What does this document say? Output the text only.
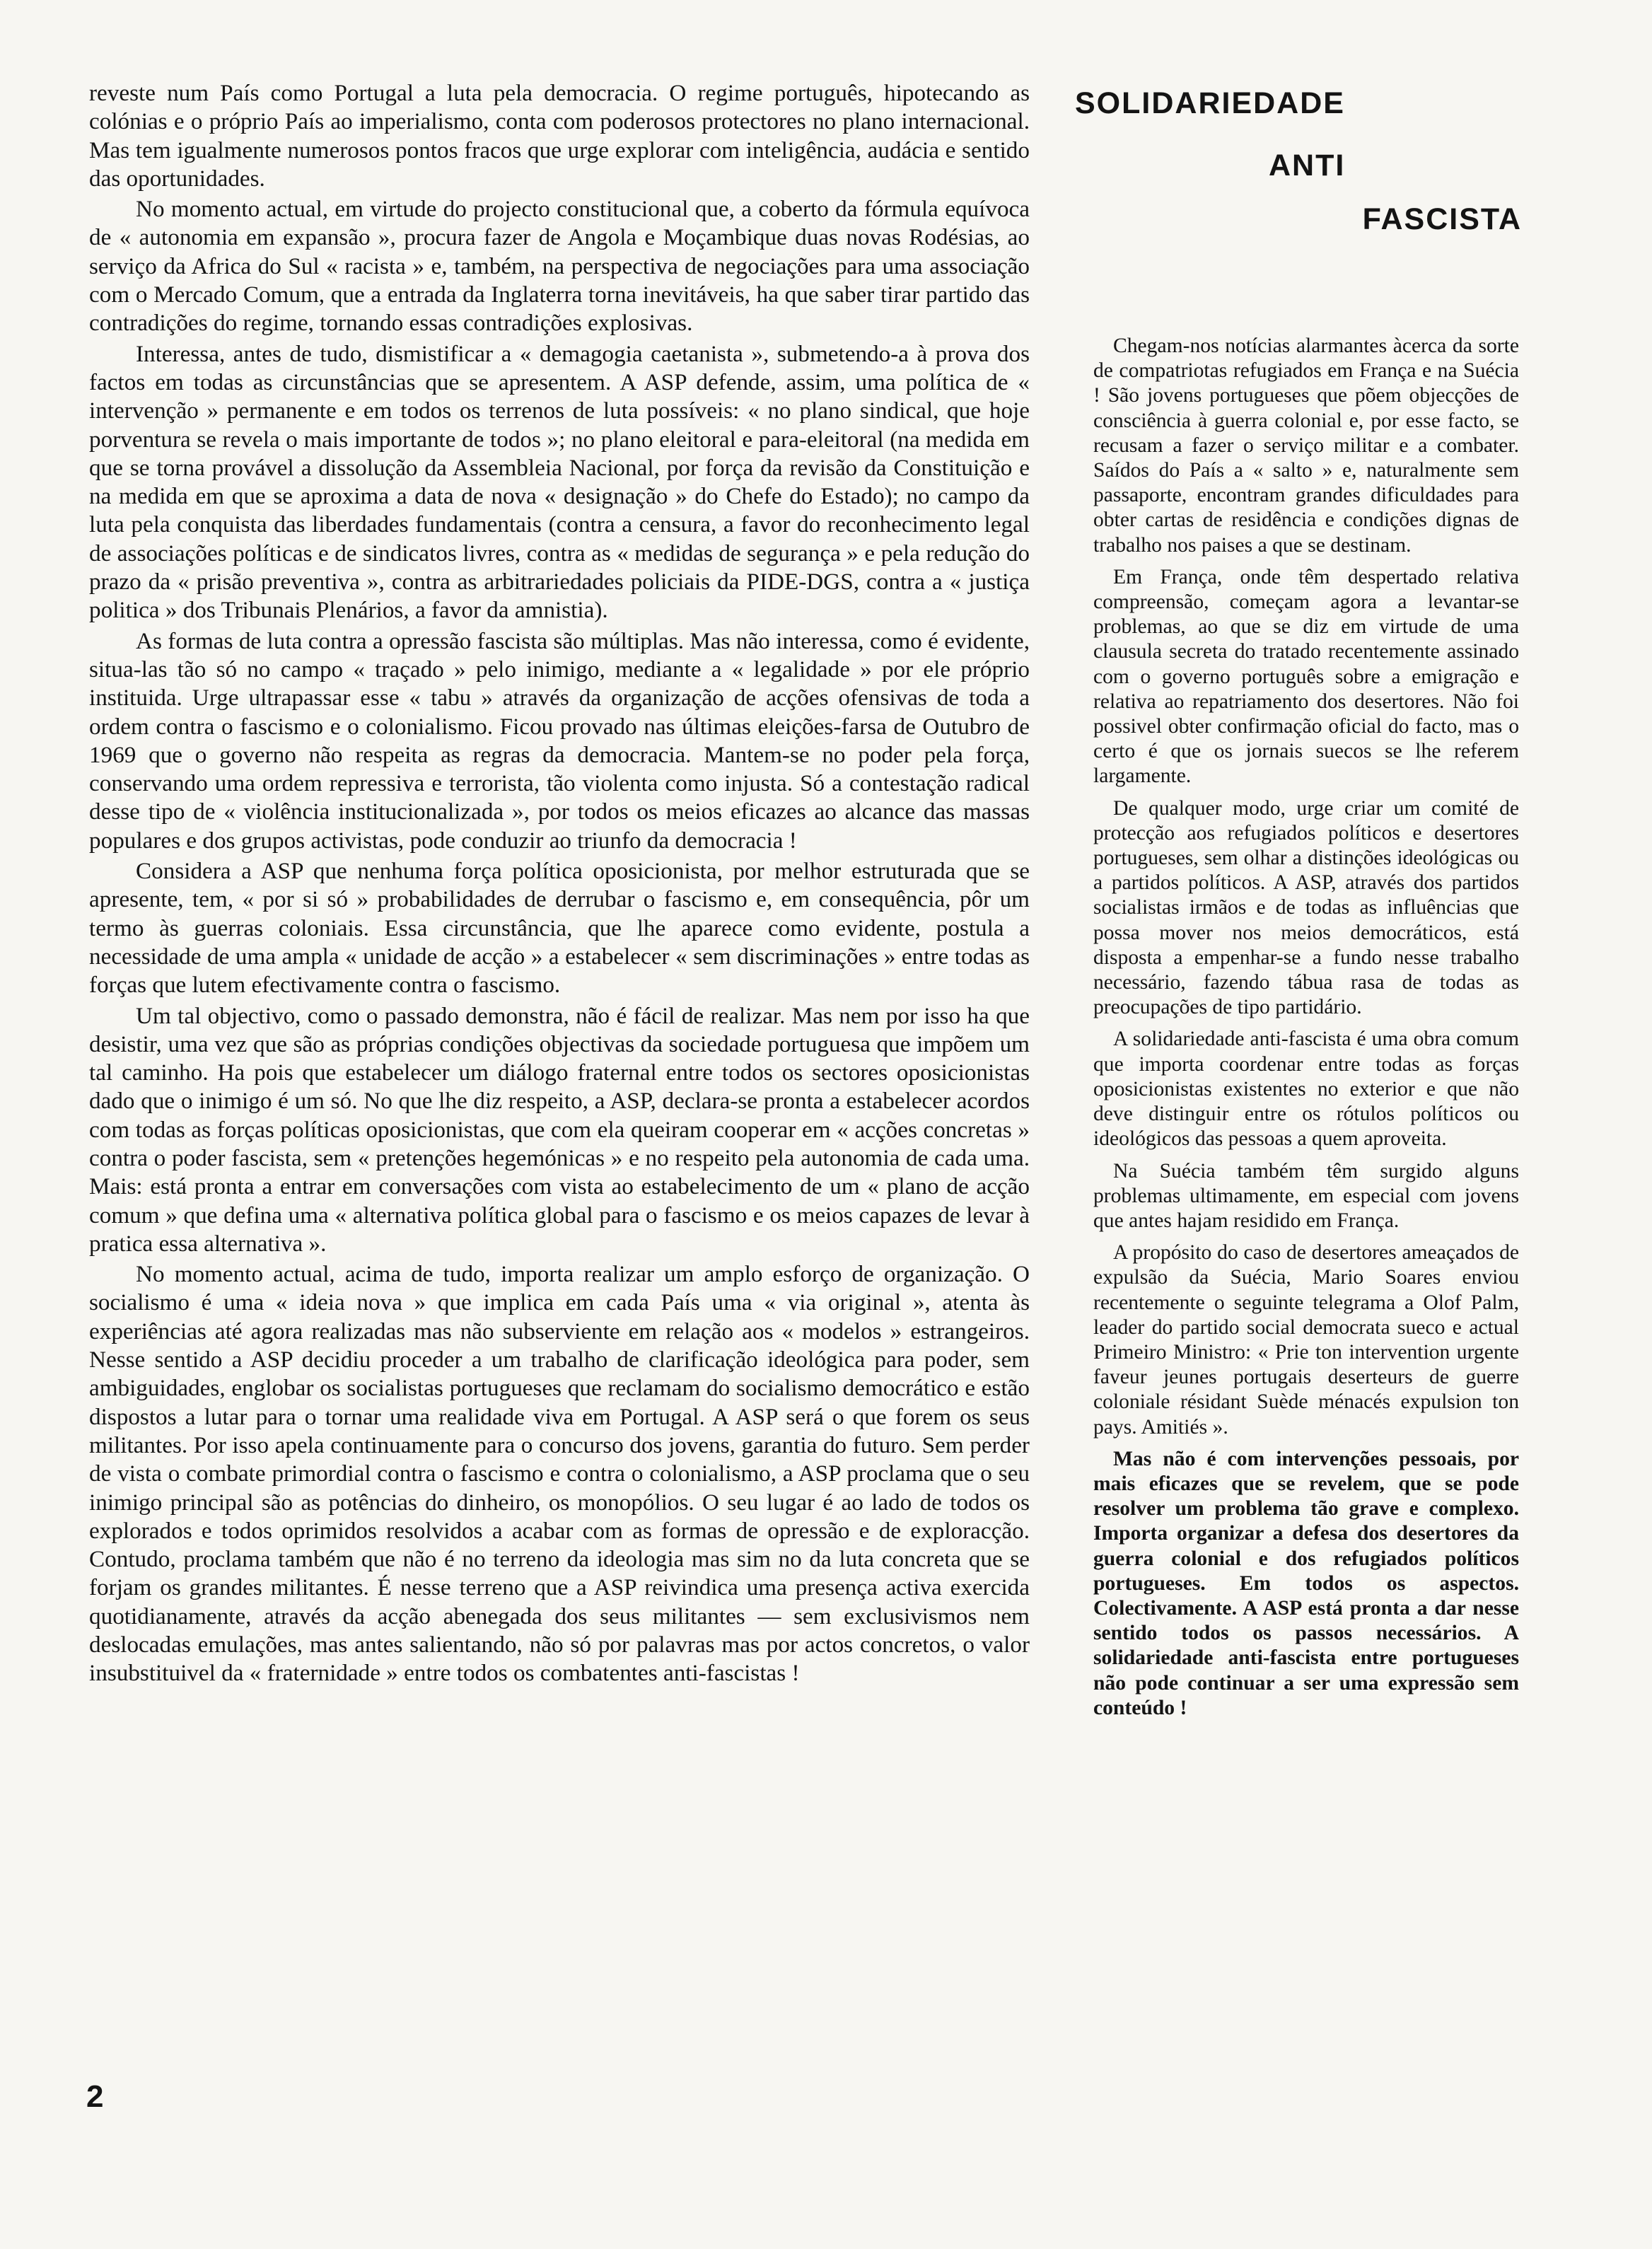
reveste num País como Portugal a luta pela democracia. O regime português, hipotecando as colónias e o próprio País ao imperialismo, conta com poderosos protectores no plano internacional. Mas tem igualmente numerosos pontos fracos que urge explorar com inteligência, audácia e sentido das oportunidades.

No momento actual, em virtude do projecto constitucional que, a coberto da fórmula equívoca de « autonomia em expansão », procura fazer de Angola e Moçambique duas novas Rodésias, ao serviço da Africa do Sul « racista » e, também, na perspectiva de negociações para uma associação com o Mercado Comum, que a entrada da Inglaterra torna inevitáveis, ha que saber tirar partido das contradições do regime, tornando essas contradições explosivas.

Interessa, antes de tudo, dismistificar a « demagogia caetanista », submetendo-a à prova dos factos em todas as circunstâncias que se apresentem. A ASP defende, assim, uma política de « intervenção » permanente e em todos os terrenos de luta possíveis: « no plano sindical, que hoje porventura se revela o mais importante de todos »; no plano eleitoral e para-eleitoral (na medida em que se torna provável a dissolução da Assembleia Nacional, por força da revisão da Constituição e na medida em que se aproxima a data de nova « designação » do Chefe do Estado); no campo da luta pela conquista das liberdades fundamentais (contra a censura, a favor do reconhecimento legal de associações políticas e de sindicatos livres, contra as « medidas de segurança » e pela redução do prazo da « prisão preventiva », contra as arbitrariedades policiais da PIDE-DGS, contra a « justiça politica » dos Tribunais Plenários, a favor da amnistia).

As formas de luta contra a opressão fascista são múltiplas. Mas não interessa, como é evidente, situa-las tão só no campo « traçado » pelo inimigo, mediante a « legalidade » por ele próprio instituida. Urge ultrapassar esse « tabu » através da organização de acções ofensivas de toda a ordem contra o fascismo e o colonialismo. Ficou provado nas últimas eleições-farsa de Outubro de 1969 que o governo não respeita as regras da democracia. Mantem-se no poder pela força, conservando uma ordem repressiva e terrorista, tão violenta como injusta. Só a contestação radical desse tipo de « violência institucionalizada », por todos os meios eficazes ao alcance das massas populares e dos grupos activistas, pode conduzir ao triunfo da democracia !

Considera a ASP que nenhuma força política oposicionista, por melhor estruturada que se apresente, tem, « por si só » probabilidades de derrubar o fascismo e, em consequência, pôr um termo às guerras coloniais. Essa circunstância, que lhe aparece como evidente, postula a necessidade de uma ampla « unidade de acção » a estabelecer « sem discriminações » entre todas as forças que lutem efectivamente contra o fascismo.

Um tal objectivo, como o passado demonstra, não é fácil de realizar. Mas nem por isso ha que desistir, uma vez que são as próprias condições objectivas da sociedade portuguesa que impõem um tal caminho. Ha pois que estabelecer um diálogo fraternal entre todos os sectores oposicionistas dado que o inimigo é um só. No que lhe diz respeito, a ASP, declara-se pronta a estabelecer acordos com todas as forças políticas oposicionistas, que com ela queiram cooperar em « acções concretas » contra o poder fascista, sem « pretenções hegemónicas » e no respeito pela autonomia de cada uma. Mais: está pronta a entrar em conversações com vista ao estabelecimento de um « plano de acção comum » que defina uma « alternativa política global para o fascismo e os meios capazes de levar à pratica essa alternativa ».

No momento actual, acima de tudo, importa realizar um amplo esforço de organização. O socialismo é uma « ideia nova » que implica em cada País uma « via original », atenta às experiências até agora realizadas mas não subserviente em relação aos « modelos » estrangeiros. Nesse sentido a ASP decidiu proceder a um trabalho de clarificação ideológica para poder, sem ambiguidades, englobar os socialistas portugueses que reclamam do socialismo democrático e estão dispostos a lutar para o tornar uma realidade viva em Portugal. A ASP será o que forem os seus militantes. Por isso apela continuamente para o concurso dos jovens, garantia do futuro. Sem perder de vista o combate primordial contra o fascismo e contra o colonialismo, a ASP proclama que o seu inimigo principal são as potências do dinheiro, os monopólios. O seu lugar é ao lado de todos os explorados e todos oprimidos resolvidos a acabar com as formas de opressão e de exploracção. Contudo, proclama também que não é no terreno da ideologia mas sim no da luta concreta que se forjam os grandes militantes. É nesse terreno que a ASP reivindica uma presença activa exercida quotidianamente, através da acção abenegada dos seus militantes — sem exclusivismos nem deslocadas emulações, mas antes salientando, não só por palavras mas por actos concretos, o valor insubstituivel da « fraternidade » entre todos os combatentes anti-fascistas !

SOLIDARIEDADE
ANTI
FASCISTA

Chegam-nos notícias alarmantes àcerca da sorte de compatriotas refugiados em França e na Suécia ! São jovens portugueses que põem objecções de consciência à guerra colonial e, por esse facto, se recusam a fazer o serviço militar e a combater. Saídos do País a « salto » e, naturalmente sem passaporte, encontram grandes dificuldades para obter cartas de residência e condições dignas de trabalho nos paises a que se destinam.

Em França, onde têm despertado relativa compreensão, começam agora a levantar-se problemas, ao que se diz em virtude de uma clausula secreta do tratado recentemente assinado com o governo português sobre a emigração e relativa ao repatriamento dos desertores. Não foi possivel obter confirmação oficial do facto, mas o certo é que os jornais suecos se lhe referem largamente.

De qualquer modo, urge criar um comité de protecção aos refugiados políticos e desertores portugueses, sem olhar a distinções ideológicas ou a partidos políticos. A ASP, através dos partidos socialistas irmãos e de todas as influências que possa mover nos meios democráticos, está disposta a empenhar-se a fundo nesse trabalho necessário, fazendo tábua rasa de todas as preocupações de tipo partidário.

A solidariedade anti-fascista é uma obra comum que importa coordenar entre todas as forças oposicionistas existentes no exterior e que não deve distinguir entre os rótulos políticos ou ideológicos das pessoas a quem aproveita.

Na Suécia também têm surgido alguns problemas ultimamente, em especial com jovens que antes hajam residido em França.

A propósito do caso de desertores ameaçados de expulsão da Suécia, Mario Soares enviou recentemente o seguinte telegrama a Olof Palm, leader do partido social democrata sueco e actual Primeiro Ministro: « Prie ton intervention urgente faveur jeunes portugais deserteurs de guerre coloniale résidant Suède ménacés expulsion ton pays. Amitiés ».

Mas não é com intervenções pessoais, por mais eficazes que se revelem, que se pode resolver um problema tão grave e complexo. Importa organizar a defesa dos desertores da guerra colonial e dos refugiados políticos portugueses. Em todos os aspectos. Colectivamente. A ASP está pronta a dar nesse sentido todos os passos necessários. A solidariedade anti-fascista entre portugueses não pode continuar a ser uma expressão sem conteúdo !

2
